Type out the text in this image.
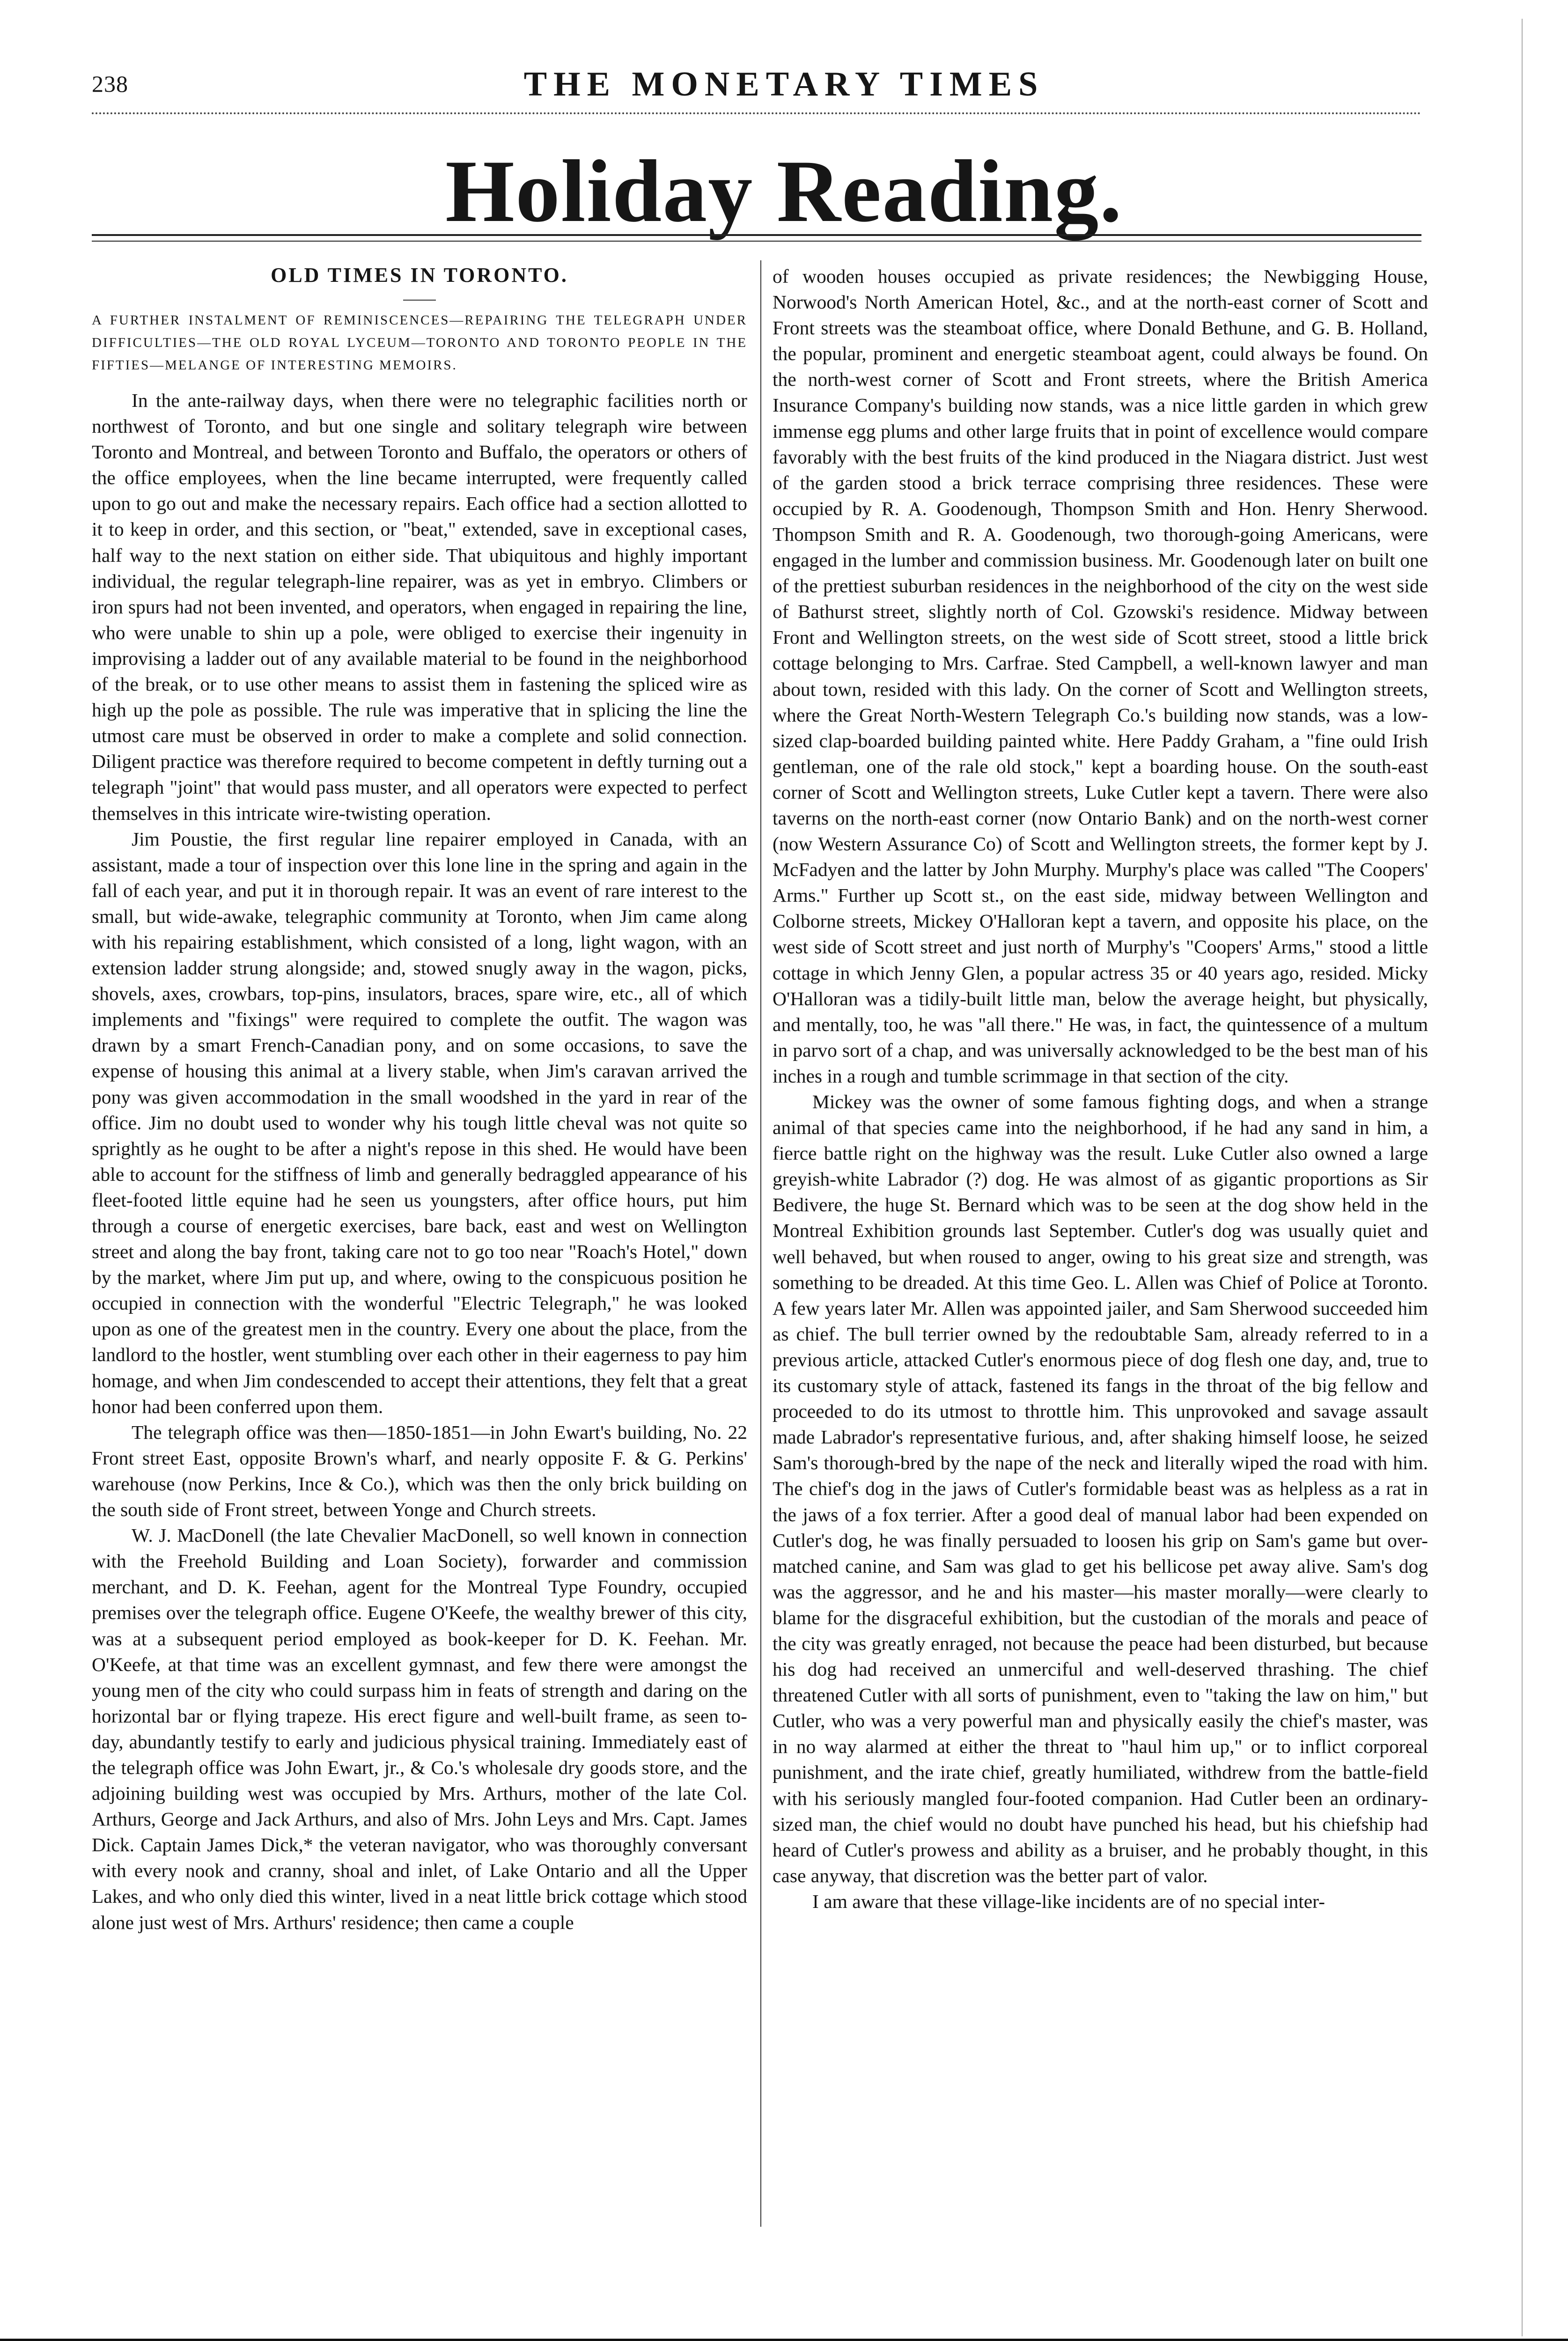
238	THE MONETARY TIMES
Holiday Reading.
OLD TIMES IN TORONTO.

A FURTHER INSTALMENT OF REMINISCENCES—REPAIRING THE TELEGRAPH UNDER DIFFICULTIES—THE OLD ROYAL LYCEUM—TORONTO AND TORONTO PEOPLE IN THE FIFTIES—MELANGE OF INTERESTING MEMOIRS.

In the ante-railway days, when there were no telegraphic facilities north or northwest of Toronto, and but one single and solitary telegraph wire between Toronto and Montreal, and between Toronto and Buffalo, the operators or others of the office employees, when the line became interrupted, were frequently called upon to go out and make the necessary repairs. Each office had a section allotted to it to keep in order, and this section, or "beat," extended, save in exceptional cases, half way to the next station on either side. That ubiquitous and highly important individual, the regular telegraph-line repairer, was as yet in embryo. Climbers or iron spurs had not been invented, and operators, when engaged in repairing the line, who were unable to shin up a pole, were obliged to exercise their ingenuity in improvising a ladder out of any available material to be found in the neighborhood of the break, or to use other means to assist them in fastening the spliced wire as high up the pole as possible. The rule was imperative that in splicing the line the utmost care must be observed in order to make a complete and solid connection. Diligent practice was therefore required to become competent in deftly turning out a telegraph "joint" that would pass muster, and all operators were expected to perfect themselves in this intricate wire-twisting operation.

Jim Poustie, the first regular line repairer employed in Canada, with an assistant, made a tour of inspection over this lone line in the spring and again in the fall of each year, and put it in thorough repair. It was an event of rare interest to the small, but wide-awake, telegraphic community at Toronto, when Jim came along with his repairing establishment, which consisted of a long, light wagon, with an extension ladder strung alongside; and, stowed snugly away in the wagon, picks, shovels, axes, crowbars, top-pins, insulators, braces, spare wire, etc., all of which implements and "fixings" were required to complete the outfit. The wagon was drawn by a smart French-Canadian pony, and on some occasions, to save the expense of housing this animal at a livery stable, when Jim's caravan arrived the pony was given accommodation in the small woodshed in the yard in rear of the office. Jim no doubt used to wonder why his tough little cheval was not quite so sprightly as he ought to be after a night's repose in this shed. He would have been able to account for the stiffness of limb and generally bedraggled appearance of his fleet-footed little equine had he seen us youngsters, after office hours, put him through a course of energetic exercises, bare back, east and west on Wellington street and along the bay front, taking care not to go too near "Roach's Hotel," down by the market, where Jim put up, and where, owing to the conspicuous position he occupied in connection with the wonderful "Electric Telegraph," he was looked upon as one of the greatest men in the country. Every one about the place, from the landlord to the hostler, went stumbling over each other in their eagerness to pay him homage, and when Jim condescended to accept their attentions, they felt that a great honor had been conferred upon them.

The telegraph office was then—1850-1851—in John Ewart's building, No. 22 Front street East, opposite Brown's wharf, and nearly opposite F. & G. Perkins' warehouse (now Perkins, Ince & Co.), which was then the only brick building on the south side of Front street, between Yonge and Church streets.

W. J. MacDonell (the late Chevalier MacDonell, so well known in connection with the Freehold Building and Loan Society), forwarder and commission merchant, and D. K. Feehan, agent for the Montreal Type Foundry, occupied premises over the telegraph office. Eugene O'Keefe, the wealthy brewer of this city, was at a subsequent period employed as book-keeper for D. K. Feehan. Mr. O'Keefe, at that time was an excellent gymnast, and few there were amongst the young men of the city who could surpass him in feats of strength and daring on the horizontal bar or flying trapeze. His erect figure and well-built frame, as seen to-day, abundantly testify to early and judicious physical training. Immediately east of the telegraph office was John Ewart, jr., & Co.'s wholesale dry goods store, and the adjoining building west was occupied by Mrs. Arthurs, mother of the late Col. Arthurs, George and Jack Arthurs, and also of Mrs. John Leys and Mrs. Capt. James Dick. Captain James Dick,* the veteran navigator, who was thoroughly conversant with every nook and cranny, shoal and inlet, of Lake Ontario and all the Upper Lakes, and who only died this winter, lived in a neat little brick cottage which stood alone just west of Mrs. Arthurs' residence; then came a couple

of wooden houses occupied as private residences; the Newbigging House, Norwood's North American Hotel, &c., and at the north-east corner of Scott and Front streets was the steamboat office, where Donald Bethune, and G. B. Holland, the popular, prominent and energetic steamboat agent, could always be found. On the north-west corner of Scott and Front streets, where the British America Insurance Company's building now stands, was a nice little garden in which grew immense egg plums and other large fruits that in point of excellence would compare favorably with the best fruits of the kind produced in the Niagara district. Just west of the garden stood a brick terrace comprising three residences. These were occupied by R. A. Goodenough, Thompson Smith and Hon. Henry Sherwood. Thompson Smith and R. A. Goodenough, two thorough-going Americans, were engaged in the lumber and commission business. Mr. Goodenough later on built one of the prettiest suburban residences in the neighborhood of the city on the west side of Bathurst street, slightly north of Col. Gzowski's residence. Midway between Front and Wellington streets, on the west side of Scott street, stood a little brick cottage belonging to Mrs. Carfrae. Sted Campbell, a well-known lawyer and man about town, resided with this lady. On the corner of Scott and Wellington streets, where the Great North-Western Telegraph Co.'s building now stands, was a low-sized clap-boarded building painted white. Here Paddy Graham, a "fine ould Irish gentleman, one of the rale old stock," kept a boarding house. On the south-east corner of Scott and Wellington streets, Luke Cutler kept a tavern. There were also taverns on the north-east corner (now Ontario Bank) and on the north-west corner (now Western Assurance Co) of Scott and Wellington streets, the former kept by J. McFadyen and the latter by John Murphy. Murphy's place was called "The Coopers' Arms." Further up Scott st., on the east side, midway between Wellington and Colborne streets, Mickey O'Halloran kept a tavern, and opposite his place, on the west side of Scott street and just north of Murphy's "Coopers' Arms," stood a little cottage in which Jenny Glen, a popular actress 35 or 40 years ago, resided. Micky O'Halloran was a tidily-built little man, below the average height, but physically, and mentally, too, he was "all there." He was, in fact, the quintessence of a multum in parvo sort of a chap, and was universally acknowledged to be the best man of his inches in a rough and tumble scrimmage in that section of the city.

Mickey was the owner of some famous fighting dogs, and when a strange animal of that species came into the neighborhood, if he had any sand in him, a fierce battle right on the highway was the result. Luke Cutler also owned a large greyish-white Labrador (?) dog. He was almost of as gigantic proportions as Sir Bedivere, the huge St. Bernard which was to be seen at the dog show held in the Montreal Exhibition grounds last September. Cutler's dog was usually quiet and well behaved, but when roused to anger, owing to his great size and strength, was something to be dreaded. At this time Geo. L. Allen was Chief of Police at Toronto. A few years later Mr. Allen was appointed jailer, and Sam Sherwood succeeded him as chief. The bull terrier owned by the redoubtable Sam, already referred to in a previous article, attacked Cutler's enormous piece of dog flesh one day, and, true to its customary style of attack, fastened its fangs in the throat of the big fellow and proceeded to do its utmost to throttle him. This unprovoked and savage assault made Labrador's representative furious, and, after shaking himself loose, he seized Sam's thorough-bred by the nape of the neck and literally wiped the road with him. The chief's dog in the jaws of Cutler's formidable beast was as helpless as a rat in the jaws of a fox terrier. After a good deal of manual labor had been expended on Cutler's dog, he was finally persuaded to loosen his grip on Sam's game but over-matched canine, and Sam was glad to get his bellicose pet away alive. Sam's dog was the aggressor, and he and his master—his master morally—were clearly to blame for the disgraceful exhibition, but the custodian of the morals and peace of the city was greatly enraged, not because the peace had been disturbed, but because his dog had received an unmerciful and well-deserved thrashing. The chief threatened Cutler with all sorts of punishment, even to "taking the law on him," but Cutler, who was a very powerful man and physically easily the chief's master, was in no way alarmed at either the threat to "haul him up," or to inflict corporeal punishment, and the irate chief, greatly humiliated, withdrew from the battle-field with his seriously mangled four-footed companion. Had Cutler been an ordinary-sized man, the chief would no doubt have punched his head, but his chiefship had heard of Cutler's prowess and ability as a bruiser, and he probably thought, in this case anyway, that discretion was the better part of valor.

I am aware that these village-like incidents are of no special inter-
